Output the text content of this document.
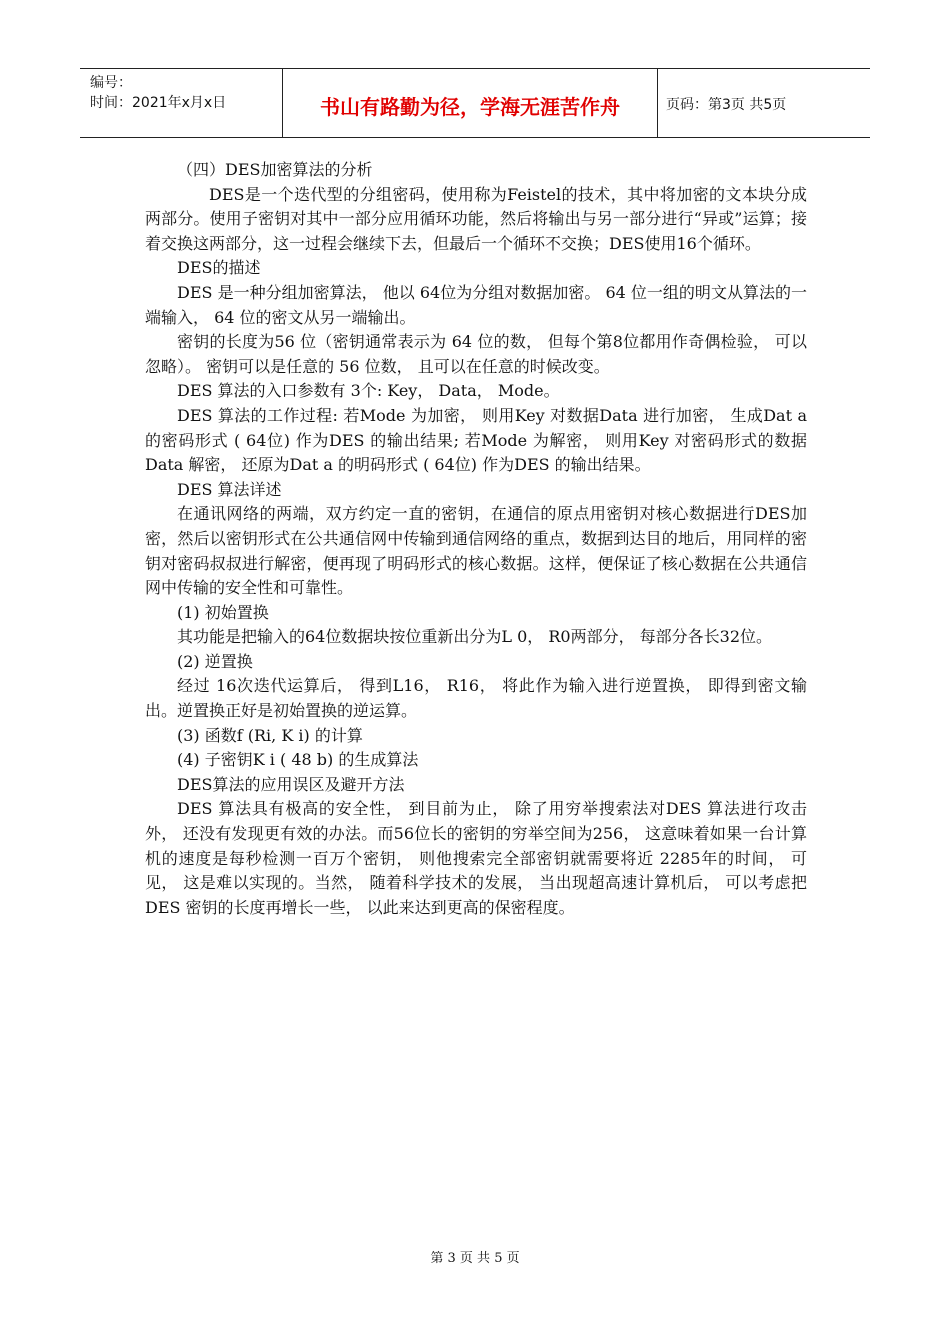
编号：
时间：2021年x月x日	书山有路勤为径，学海无涯苦作舟	页码：第3页 共5页

（四）DES加密算法的分析

DES是一个迭代型的分组密码，使用称为Feistel的技术，其中将加密的文本块分成两部分。使用子密钥对其中一部分应用循环功能，然后将输出与另一部分进行“异或”运算；接着交换这两部分，这一过程会继续下去，但最后一个循环不交换；DES使用16个循环。

DES的描述

DES 是一种分组加密算法， 他以 64位为分组对数据加密。 64 位一组的明文从算法的一端输入， 64 位的密文从另一端输出。

密钥的长度为56 位（密钥通常表示为 64 位的数， 但每个第8位都用作奇偶检验， 可以忽略）。 密钥可以是任意的 56 位数， 且可以在任意的时候改变。

DES 算法的入口参数有 3个: Key， Data， Mode。

DES 算法的工作过程: 若Mode 为加密， 则用Key 对数据Data 进行加密， 生成Dat a 的密码形式 ( 64位) 作为DES 的输出结果; 若Mode 为解密， 则用Key 对密码形式的数据Data 解密， 还原为Dat a 的明码形式 ( 64位) 作为DES 的输出结果。

DES 算法详述

在通讯网络的两端，双方约定一直的密钥，在通信的原点用密钥对核心数据进行DES加密，然后以密钥形式在公共通信网中传输到通信网络的重点，数据到达目的地后，用同样的密钥对密码叔叔进行解密，便再现了明码形式的核心数据。这样，便保证了核心数据在公共通信网中传输的安全性和可靠性。

(1) 初始置换

其功能是把输入的64位数据块按位重新出分为L 0， R0两部分， 每部分各长32位。

(2) 逆置换

经过 16次迭代运算后， 得到L16， R16， 将此作为输入进行逆置换， 即得到密文输出。逆置换正好是初始置换的逆运算。

(3) 函数f (Ri, K i) 的计算

(4) 子密钥K i ( 48 b) 的生成算法

DES算法的应用误区及避开方法

DES 算法具有极高的安全性， 到目前为止， 除了用穷举搜索法对DES 算法进行攻击外， 还没有发现更有效的办法。而56位长的密钥的穷举空间为256， 这意味着如果一台计算机的速度是每秒检测一百万个密钥， 则他搜索完全部密钥就需要将近 2285年的时间， 可见， 这是难以实现的。当然， 随着科学技术的发展， 当出现超高速计算机后， 可以考虑把DES 密钥的长度再增长一些， 以此来达到更高的保密程度。

第 3 页 共 5 页
